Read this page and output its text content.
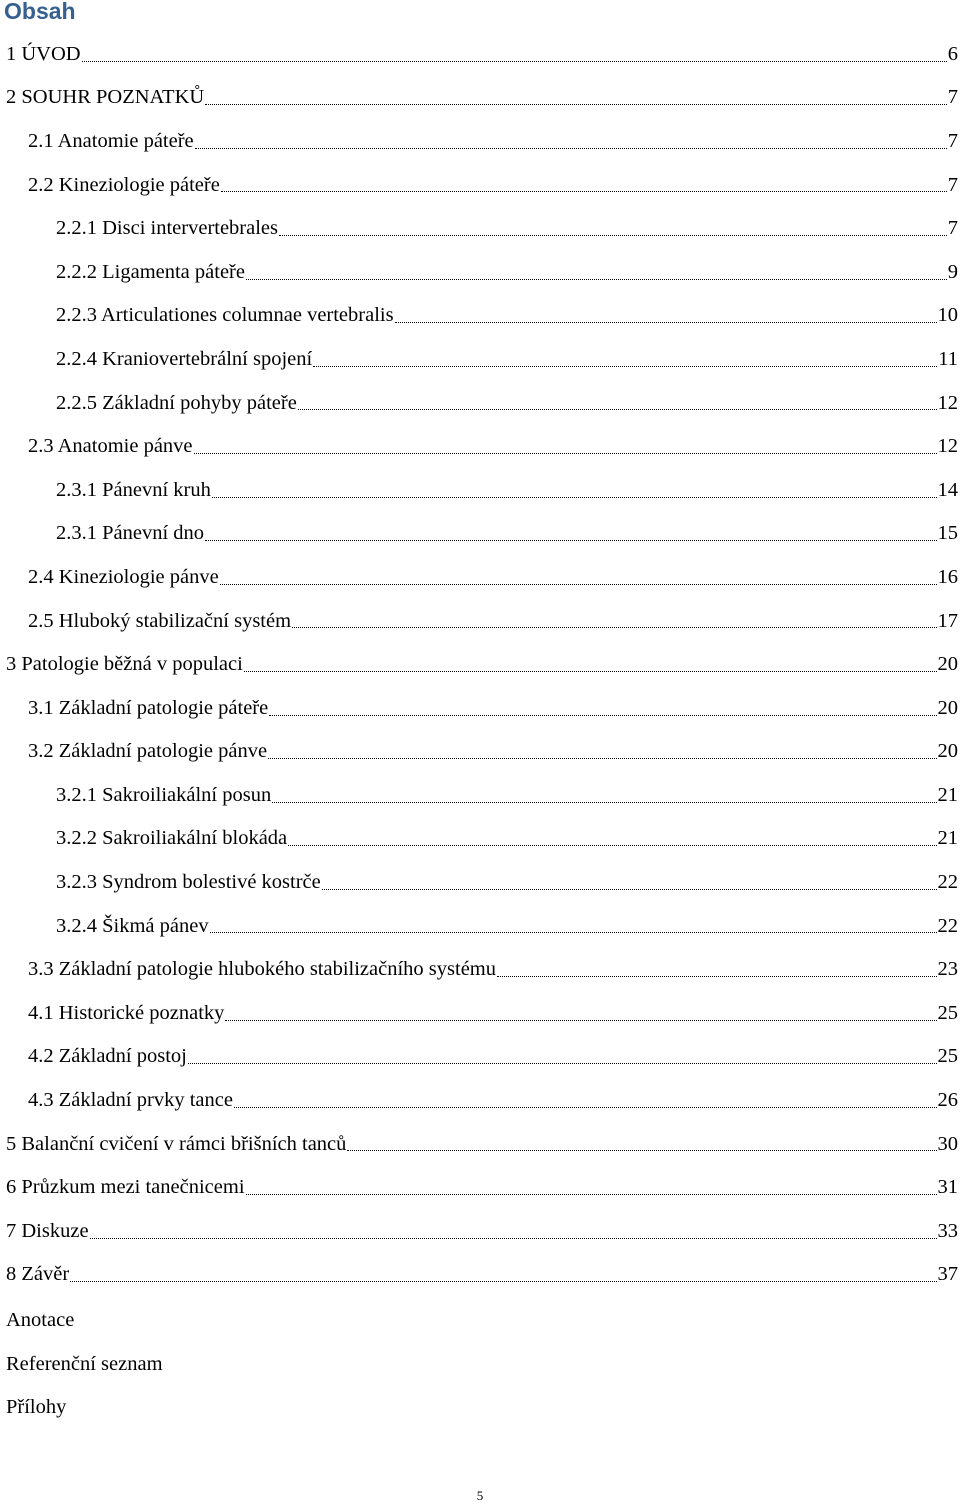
Obsah
1 ÚVOD	6
2 SOUHR POZNATKŮ	7
2.1 Anatomie páteře	7
2.2 Kineziologie páteře	7
2.2.1 Disci intervertebrales	7
2.2.2 Ligamenta páteře	9
2.2.3 Articulationes columnae vertebralis	10
2.2.4 Kraniovertebrální spojení	11
2.2.5 Základní pohyby páteře	12
2.3 Anatomie pánve	12
2.3.1 Pánevní kruh	14
2.3.1 Pánevní dno	15
2.4 Kineziologie pánve	16
2.5 Hluboký stabilizační systém	17
3 Patologie běžná v populaci	20
3.1 Základní patologie páteře	20
3.2 Základní patologie pánve	20
3.2.1 Sakroiliakální posun	21
3.2.2 Sakroiliakální blokáda	21
3.2.3 Syndrom bolestivé kostrče	22
3.2.4 Šikmá pánev	22
3.3 Základní patologie hlubokého stabilizačního systému	23
4.1 Historické poznatky	25
4.2 Základní postoj	25
4.3 Základní prvky tance	26
5 Balanční cvičení v rámci břišních tanců	30
6 Průzkum mezi tanečnicemi	31
7 Diskuze	33
8 Závěr	37
Anotace
Referenční seznam
Přílohy
5
